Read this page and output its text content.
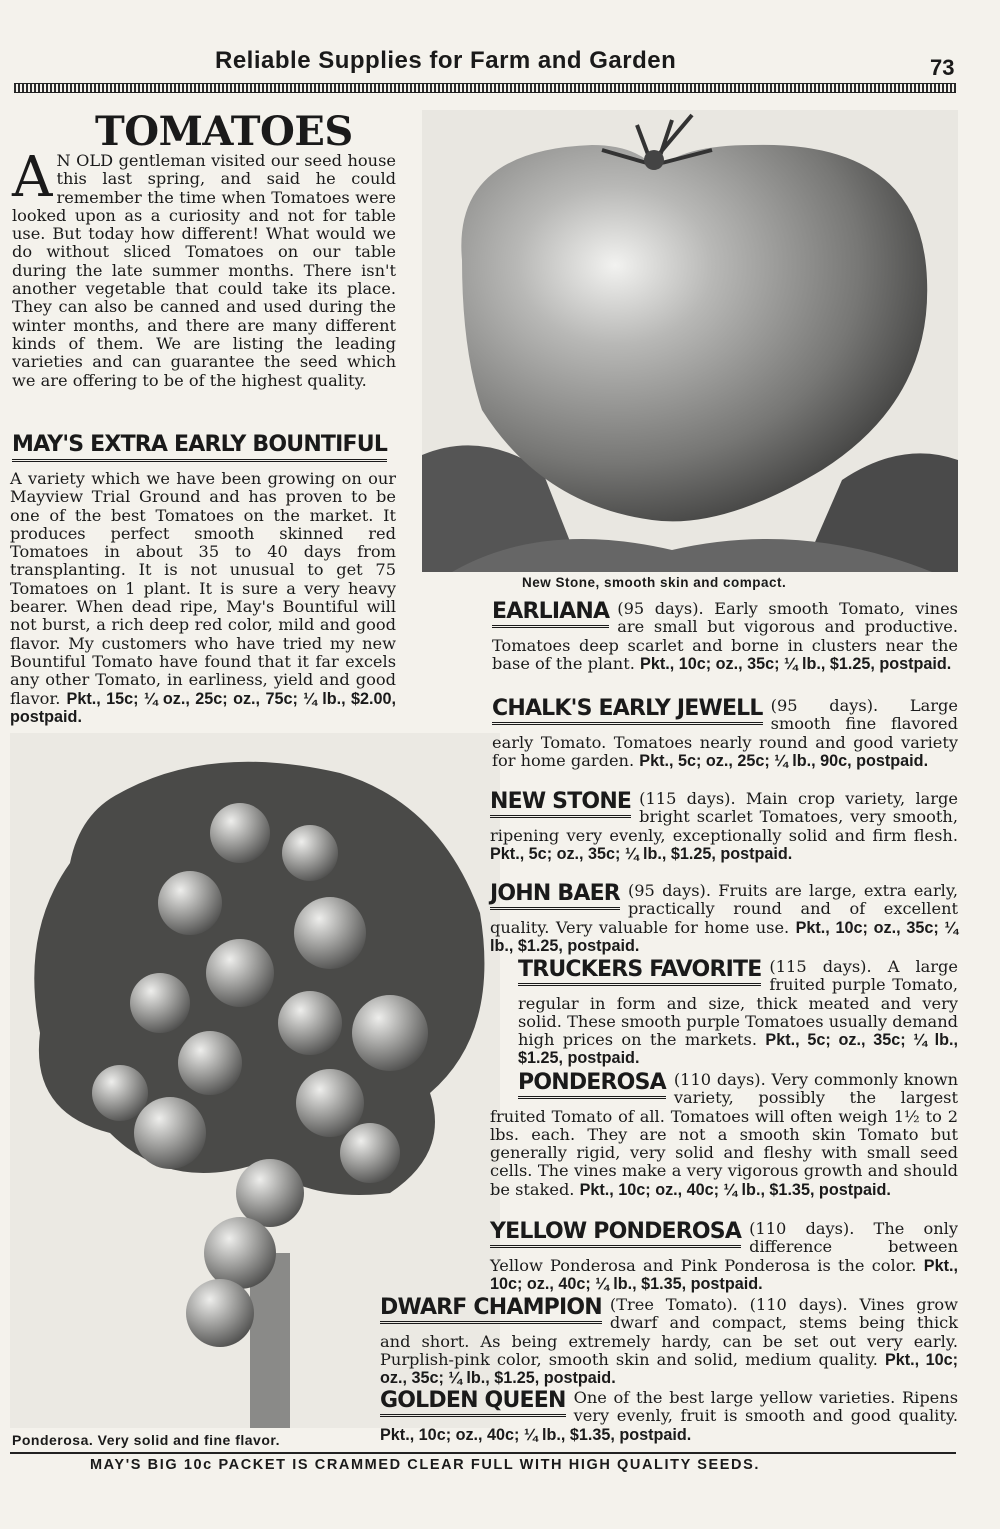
Reliable Supplies for Farm and Garden	73
TOMATOES

A N OLD gentleman visited our seed house this last spring, and said he could remember the time when Tomatoes were looked upon as a curiosity and not for table use. But today how different! What would we do without sliced Tomatoes on our table during the late summer months. There isn't another vegetable that could take its place. They can also be canned and used during the winter months, and there are many different kinds of them. We are listing the leading varieties and can guarantee the seed which we are offering to be of the highest quality.

MAY'S EXTRA EARLY BOUNTIFUL

A variety which we have been growing on our Mayview Trial Ground and has proven to be one of the best Tomatoes on the market. It produces perfect smooth skinned red Tomatoes in about 35 to 40 days from transplanting. It is not unusual to get 75 Tomatoes on 1 plant. It is sure a very heavy bearer. When dead ripe, May's Bountiful will not burst, a rich deep red color, mild and good flavor. My customers who have tried my new Bountiful Tomato have found that it far excels any other Tomato, in earliness, yield and good flavor. Pkt., 15c; ¼ oz., 25c; oz., 75c; ¼ lb., $2.00, postpaid.

New Stone, smooth skin and compact.
Ponderosa. Very solid and fine flavor.

EARLIANA (95 days). Early smooth Tomato, vines are small but vigorous and productive. Tomatoes deep scarlet and borne in clusters near the base of the plant. Pkt., 10c; oz., 35c; ¼ lb., $1.25, postpaid.

CHALK'S EARLY JEWELL (95 days). Large smooth fine flavored early Tomato. Tomatoes nearly round and good variety for home garden. Pkt., 5c; oz., 25c; ¼ lb., 90c, postpaid.

NEW STONE (115 days). Main crop variety, large bright scarlet Tomatoes, very smooth, ripening very evenly, exceptionally solid and firm flesh. Pkt., 5c; oz., 35c; ¼ lb., $1.25, postpaid.

JOHN BAER (95 days). Fruits are large, extra early, practically round and of excellent quality. Very valuable for home use. Pkt., 10c; oz., 35c; ¼ lb., $1.25, postpaid.

TRUCKERS FAVORITE (115 days). A large fruited purple Tomato, regular in form and size, thick meated and very solid. These smooth purple Tomatoes usually demand high prices on the markets. Pkt., 5c; oz., 35c; ¼ lb., $1.25, postpaid.

PONDEROSA (110 days). Very commonly known variety, possibly the largest fruited Tomato of all. Tomatoes will often weigh 1½ to 2 lbs. each. They are not a smooth skin Tomato but generally rigid, very solid and fleshy with small seed cells. The vines make a very vigorous growth and should be staked. Pkt., 10c; oz., 40c; ¼ lb., $1.35, postpaid.

YELLOW PONDEROSA (110 days). The only difference between Yellow Ponderosa and Pink Ponderosa is the color. Pkt., 10c; oz., 40c; ¼ lb., $1.35, postpaid.

DWARF CHAMPION (Tree Tomato). (110 days). Vines grow dwarf and compact, stems being thick and short. As being extremely hardy, can be set out very early. Purplish-pink color, smooth skin and solid, medium quality. Pkt., 10c; oz., 35c; ¼ lb., $1.25, postpaid.

GOLDEN QUEEN One of the best large yellow varieties. Ripens very evenly, fruit is smooth and good quality. Pkt., 10c; oz., 40c; ¼ lb., $1.35, postpaid.

MAY'S BIG 10c PACKET IS CRAMMED CLEAR FULL WITH HIGH QUALITY SEEDS.
